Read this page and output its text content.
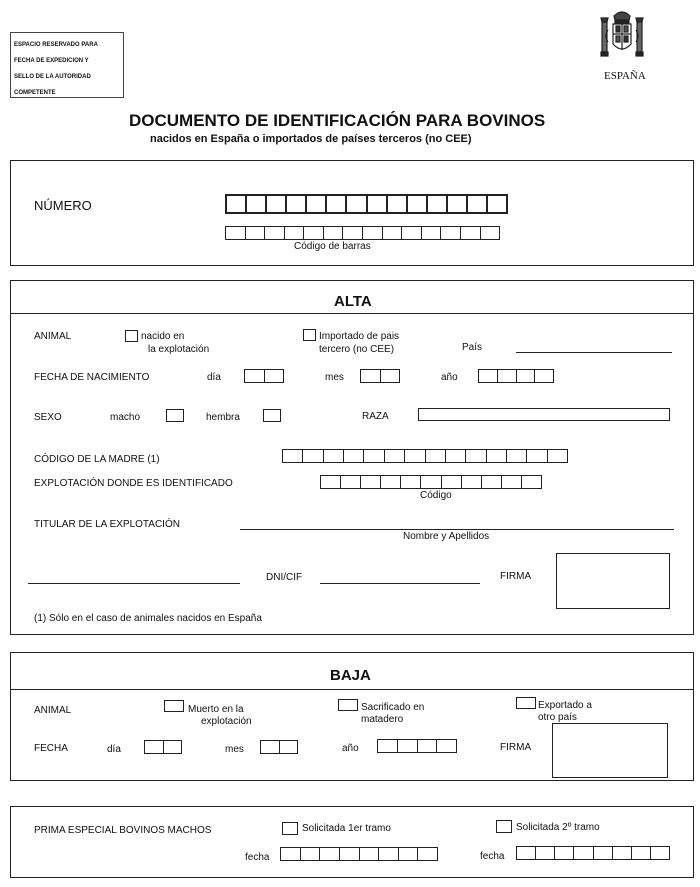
ESPACIO RESERVADO PARA
FECHA DE EXPEDICION Y
SELLO DE LA AUTORIDAD
COMPETENTE
ESPAÑA
DOCUMENTO DE IDENTIFICACIÓN PARA BOVINOS
nacidos en España o importados de países terceros (no CEE)
NÚMERO
Código de barras
ALTA
ANIMAL	nacido en
la explotación
Importado de pais
tercero (no CEE)	País
FECHA DE NACIMIENTO	día	mes	año
SEXO	macho	hembra	RAZA
CÓDIGO DE LA MADRE (1)
EXPLOTACIÓN DONDE ES IDENTIFICADO
Código
TITULAR DE LA EXPLOTACIÓN
Nombre y Apellidos
DNI/CIF	FIRMA
(1) Sólo en el caso de animales nacidos en España
BAJA
ANIMAL	Muerto en la
explotación
Sacrificado en
matadero
Exportado a
otro país
FECHA	día	mes	año	FIRMA
PRIMA ESPECIAL BOVINOS MACHOS	Solicitada 1er tramo	Solicitada 2º tramo
fecha	fecha
